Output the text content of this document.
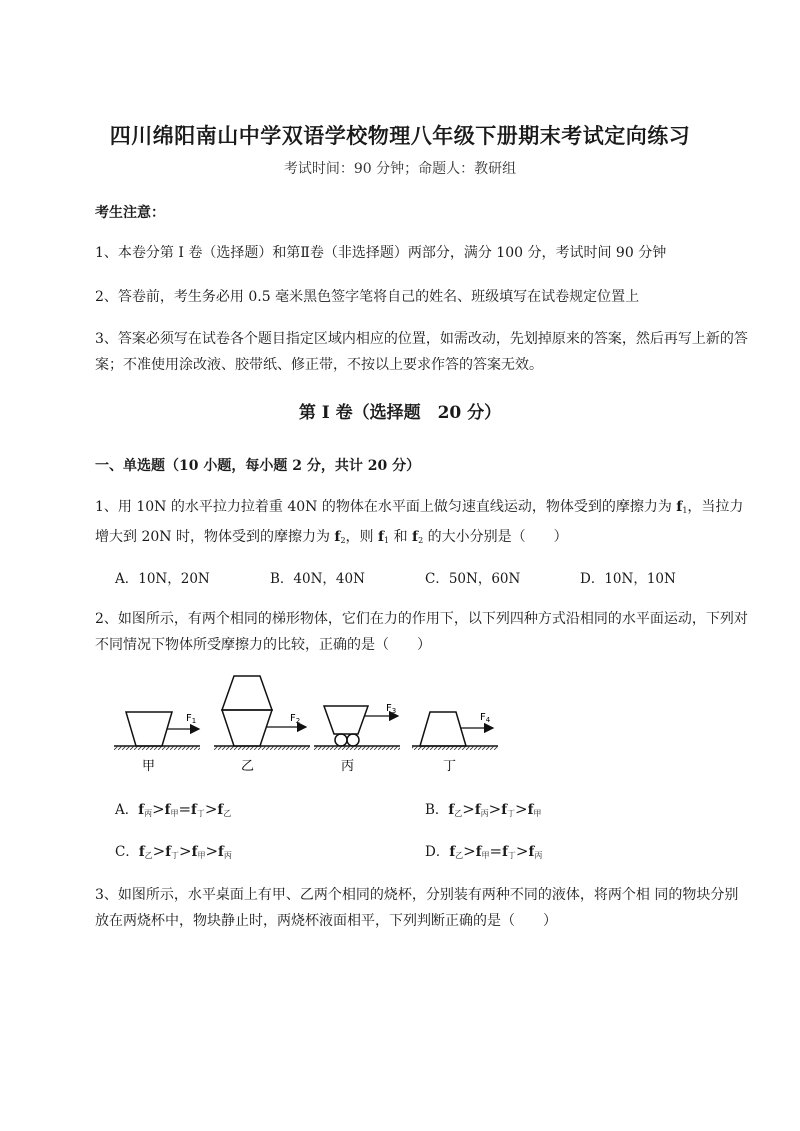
四川绵阳南山中学双语学校物理八年级下册期末考试定向练习
考试时间：90 分钟；命题人：教研组
考生注意：
1、本卷分第 I 卷（选择题）和第Ⅱ卷（非选择题）两部分，满分 100 分，考试时间 90 分钟
2、答卷前，考生务必用 0.5 毫米黑色签字笔将自己的姓名、班级填写在试卷规定位置上
3、答案必须写在试卷各个题目指定区域内相应的位置，如需改动，先划掉原来的答案，然后再写上新的答案；不准使用涂改液、胶带纸、修正带，不按以上要求作答的答案无效。
第 I 卷（选择题　20 分）
一、单选题（10 小题，每小题 2 分，共计 20 分）
1、用 10N 的水平拉力拉着重 40N 的物体在水平面上做匀速直线运动，物体受到的摩擦力为 $f_1$，当拉力增大到 20N 时，物体受到的摩擦力为 $f_2$，则 $f_1$ 和 $f_2$ 的大小分别是（　　）
A．10N，20N	B．40N，40N	C．50N，60N	D．10N，10N
2、如图所示，有两个相同的梯形物体，它们在力的作用下，以下列四种方式沿相同的水平面运动，下列对不同情况下物体所受摩擦力的比较，正确的是（　　）
$F_1$	$F_2$
$F_3$
$F_4$
甲	乙	丙	丁
A．$f_丙>f_甲=f_丁>f_乙$	B．$f_乙>f_丙>f_丁>f_甲$
C．$f_乙>f_丁>f_甲>f_丙$	D．$f_乙>f_甲=f_丁>f_丙$
3、如图所示，水平桌面上有甲、乙两个相同的烧杯，分别装有两种不同的液体，将两个相 同的物块分别放在两烧杯中，物块静止时，两烧杯液面相平，下列判断正确的是（　　）
